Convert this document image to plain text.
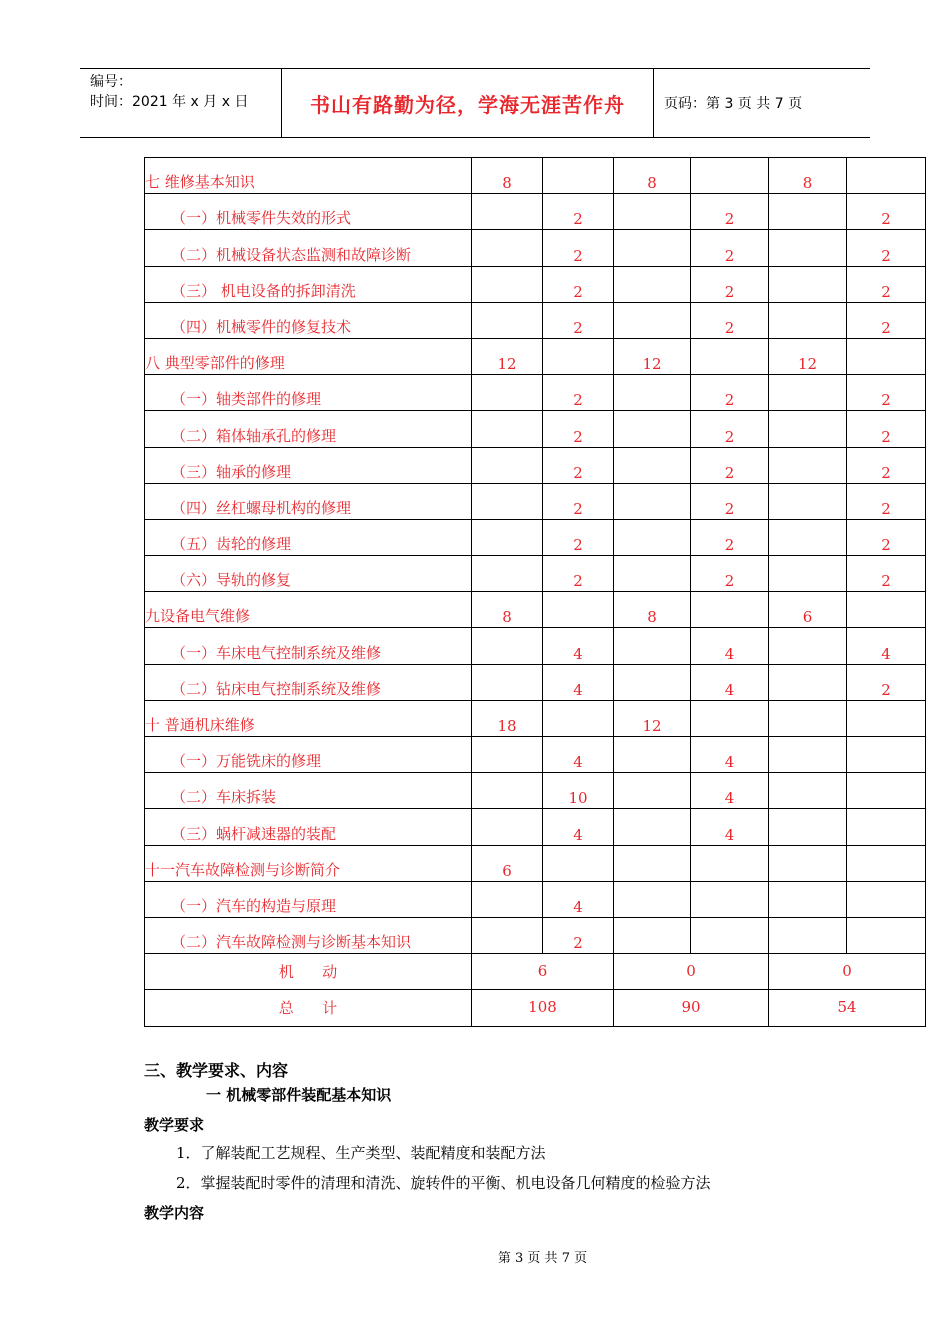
编号：
时间：2021 年 x 月 x 日	书山有路勤为径，学海无涯苦作舟	页码：第 3 页 共 7 页
七 维修基本知识	8		8		8	
（一）机械零件失效的形式		2		2		2
（二）机械设备状态监测和故障诊断		2		2		2
（三） 机电设备的拆卸清洗		2		2		2
（四）机械零件的修复技术		2		2		2
八 典型零部件的修理	12		12		12	
（一）轴类部件的修理		2		2		2
（二）箱体轴承孔的修理		2		2		2
（三）轴承的修理		2		2		2
（四）丝杠螺母机构的修理		2		2		2
（五）齿轮的修理		2		2		2
（六）导轨的修复		2		2		2
九设备电气维修	8		8		6	
（一）车床电气控制系统及维修		4		4		4
（二）钻床电气控制系统及维修		4		4		2
十 普通机床维修	18		12			
（一）万能铣床的修理		4		4		
（二）车床拆装		10		4		
（三）蜗杆减速器的装配		4		4		
十一汽车故障检测与诊断简介	6					
（一）汽车的构造与原理		4				
（二）汽车故障检测与诊断基本知识		2				
机      动	6		0		0	
总      计	108		90		54	
三、教学要求、内容
一 机械零部件装配基本知识
教学要求
1．了解装配工艺规程、生产类型、装配精度和装配方法
2．掌握装配时零件的清理和清洗、旋转件的平衡、机电设备几何精度的检验方法
教学内容
第 3 页 共 7 页
